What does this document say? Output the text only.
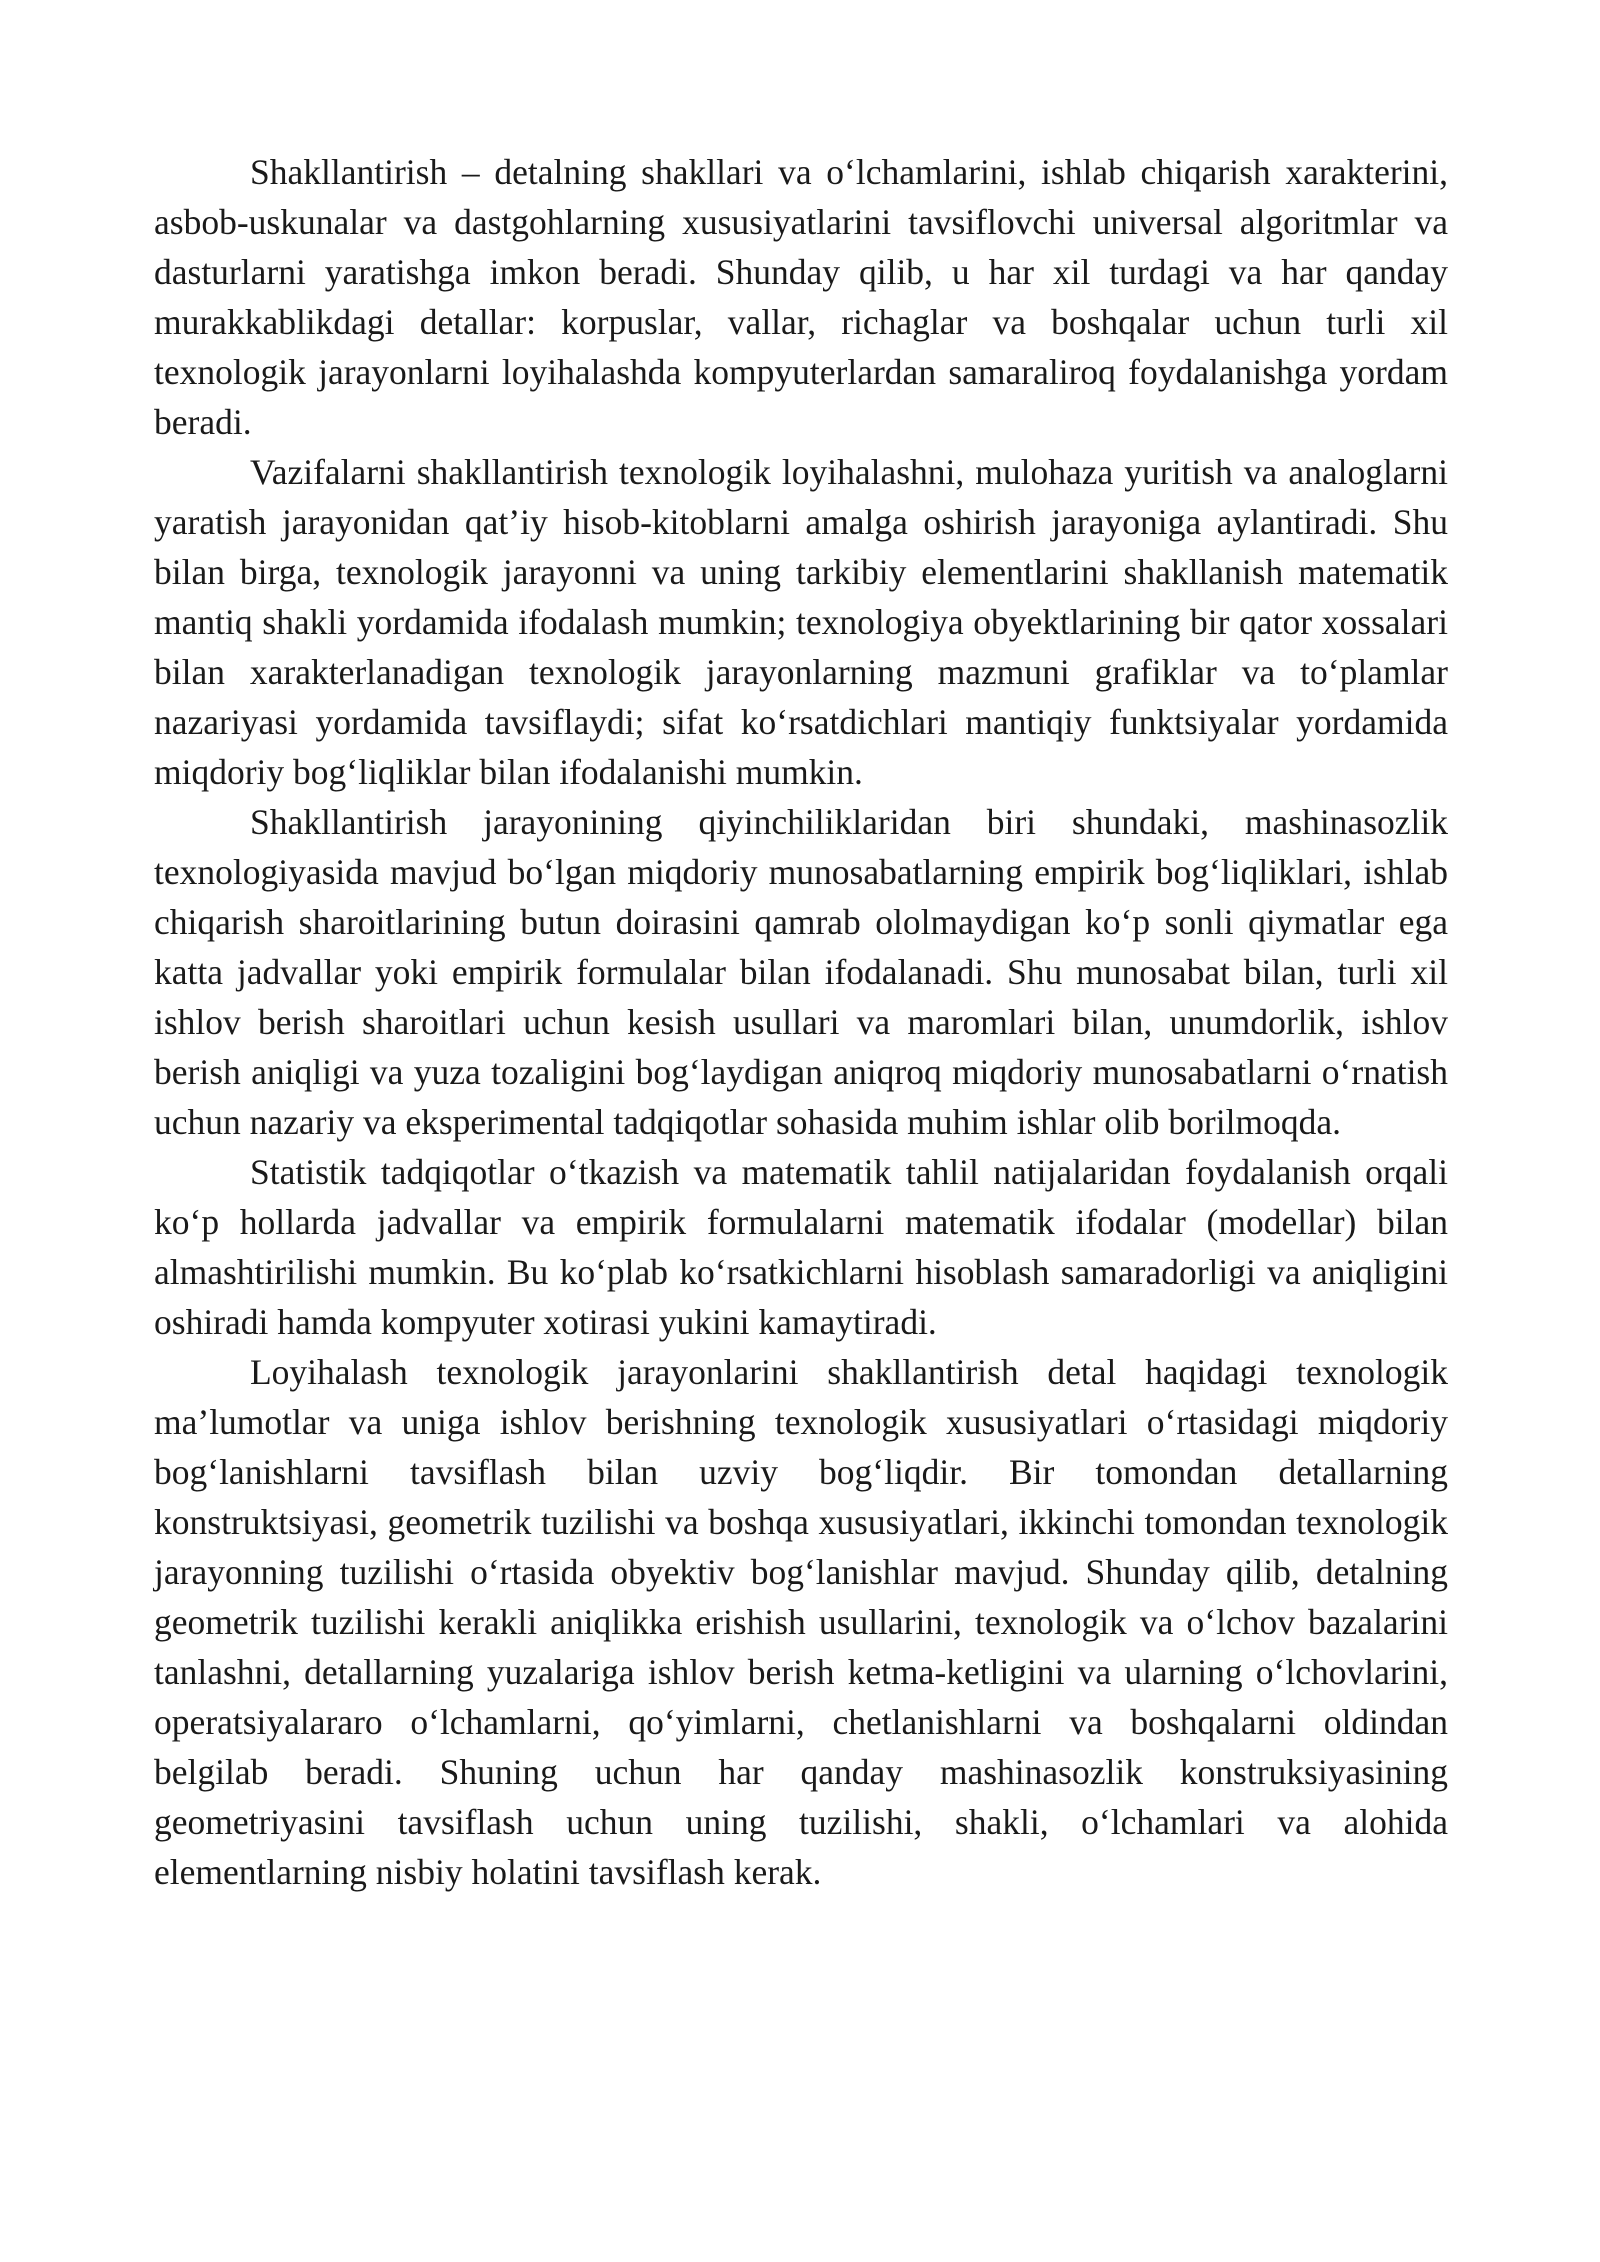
Shakllantirish – detalning shakllari va o‘lchamlarini, ishlab chiqarish xarakterini, asbob-uskunalar va dastgohlarning xususiyatlarini tavsiflovchi universal algoritmlar va dasturlarni yaratishga imkon beradi. Shunday qilib, u har xil turdagi va har qanday murakkablikdagi detallar: korpuslar, vallar, richaglar va boshqalar uchun turli xil texnologik jarayonlarni loyihalashda kompyuterlardan samaraliroq foydalanishga yordam beradi.

Vazifalarni shakllantirish texnologik loyihalashni, mulohaza yuritish va analoglarni yaratish jarayonidan qat’iy hisob-kitoblarni amalga oshirish jarayoniga aylantiradi. Shu bilan birga, texnologik jarayonni va uning tarkibiy elementlarini shakllanish matematik mantiq shakli yordamida ifodalash mumkin; texnologiya obyektlarining bir qator xossalari bilan xarakterlanadigan texnologik jarayonlarning mazmuni grafiklar va to‘plamlar nazariyasi yordamida tavsiflaydi; sifat ko‘rsatdichlari mantiqiy funktsiyalar yordamida miqdoriy bog‘liqliklar bilan ifodalanishi mumkin.

Shakllantirish jarayonining qiyinchiliklaridan biri shundaki, mashinasozlik texnologiyasida mavjud bo‘lgan miqdoriy munosabatlarning empirik bog‘liqliklari, ishlab chiqarish sharoitlarining butun doirasini qamrab ololmaydigan ko‘p sonli qiymatlar ega katta jadvallar yoki empirik formulalar bilan ifodalanadi. Shu munosabat bilan, turli xil ishlov berish sharoitlari uchun kesish usullari va maromlari bilan, unumdorlik, ishlov berish aniqligi va yuza tozaligini bog‘laydigan aniqroq miqdoriy munosabatlarni o‘rnatish uchun nazariy va eksperimental tadqiqotlar sohasida muhim ishlar olib borilmoqda.

Statistik tadqiqotlar o‘tkazish va matematik tahlil natijalaridan foydalanish orqali ko‘p hollarda jadvallar va empirik formulalarni matematik ifodalar (modellar) bilan almashtirilishi mumkin. Bu ko‘plab ko‘rsatkichlarni hisoblash samaradorligi va aniqligini oshiradi hamda kompyuter xotirasi yukini kamaytiradi.

Loyihalash texnologik jarayonlarini shakllantirish detal haqidagi texnologik ma’lumotlar va uniga ishlov berishning texnologik xususiyatlari o‘rtasidagi miqdoriy bog‘lanishlarni tavsiflash bilan uzviy bog‘liqdir. Bir tomondan detallarning konstruktsiyasi, geometrik tuzilishi va boshqa xususiyatlari, ikkinchi tomondan texnologik jarayonning tuzilishi o‘rtasida obyektiv bog‘lanishlar mavjud. Shunday qilib, detalning geometrik tuzilishi kerakli aniqlikka erishish usullarini, texnologik va o‘lchov bazalarini tanlashni, detallarning yuzalariga ishlov berish ketma-ketligini va ularning o‘lchovlarini, operatsiyalararo o‘lchamlarni, qo‘yimlarni, chetlanishlarni va boshqalarni oldindan belgilab beradi. Shuning uchun har qanday mashinasozlik konstruksiyasining geometriyasini tavsiflash uchun uning tuzilishi, shakli, o‘lchamlari va alohida elementlarning nisbiy holatini tavsiflash kerak.
